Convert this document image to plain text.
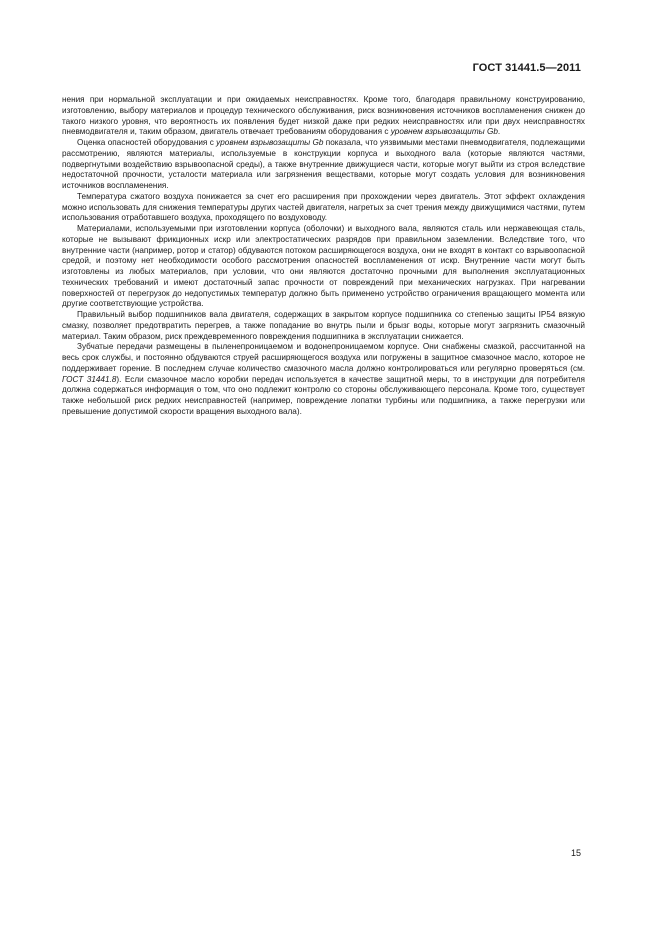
ГОСТ 31441.5—2011

нения при нормальной эксплуатации и при ожидаемых неисправностях. Кроме того, благодаря правильному конструированию, изготовлению, выбору материалов и процедур технического обслуживания, риск возникновения источников воспламенения снижен до такого низкого уровня, что вероятность их появления будет низкой даже при редких неисправностях или при двух неисправностях пневмодвигателя и, таким образом, двигатель отвечает требованиям оборудования с уровнем взрывозащиты Gb.

Оценка опасностей оборудования с уровнем взрывозащиты Gb показала, что уязвимыми местами пневмодвигателя, подлежащими рассмотрению, являются материалы, используемые в конструкции корпуса и выходного вала (которые являются частями, подвергнутыми воздействию взрывоопасной среды), а также внутренние движущиеся части, которые могут выйти из строя вследствие недостаточной прочности, усталости материала или загрязнения веществами, которые могут создать условия для возникновения источников воспламенения.

Температура сжатого воздуха понижается за счет его расширения при прохождении через двигатель. Этот эффект охлаждения можно использовать для снижения температуры других частей двигателя, нагретых за счет трения между движущимися частями, путем использования отработавшего воздуха, проходящего по воздуховоду.

Материалами, используемыми при изготовлении корпуса (оболочки) и выходного вала, являются сталь или нержавеющая сталь, которые не вызывают фрикционных искр или электростатических разрядов при правильном заземлении. Вследствие того, что внутренние части (например, ротор и статор) обдуваются потоком расширяющегося воздуха, они не входят в контакт со взрывоопасной средой, и поэтому нет необходимости особого рассмотрения опасностей воспламенения от искр. Внутренние части могут быть изготовлены из любых материалов, при условии, что они являются достаточно прочными для выполнения эксплуатационных технических требований и имеют достаточный запас прочности от повреждений при механических нагрузках. При нагревании поверхностей от перегрузок до недопустимых температур должно быть применено устройство ограничения вращающего момента или другие соответствующие устройства.

Правильный выбор подшипников вала двигателя, содержащих в закрытом корпусе подшипника со степенью защиты IP54 вязкую смазку, позволяет предотвратить перегрев, а также попадание во внутрь пыли и брызг воды, которые могут загрязнить смазочный материал. Таким образом, риск преждевременного повреждения подшипника в эксплуатации снижается.

Зубчатые передачи размещены в пыленепроницаемом и водонепроницаемом корпусе. Они снабжены смазкой, рассчитанной на весь срок службы, и постоянно обдуваются струей расширяющегося воздуха или погружены в защитное смазочное масло, которое не поддерживает горение. В последнем случае количество смазочного масла должно контролироваться или регулярно проверяться (см. ГОСТ 31441.8). Если смазочное масло коробки передач используется в качестве защитной меры, то в инструкции для потребителя должна содержаться информация о том, что оно подлежит контролю со стороны обслуживающего персонала. Кроме того, существует также небольшой риск редких неисправностей (например, повреждение лопатки турбины или подшипника, а также перегрузки или превышение допустимой скорости вращения выходного вала).

15
